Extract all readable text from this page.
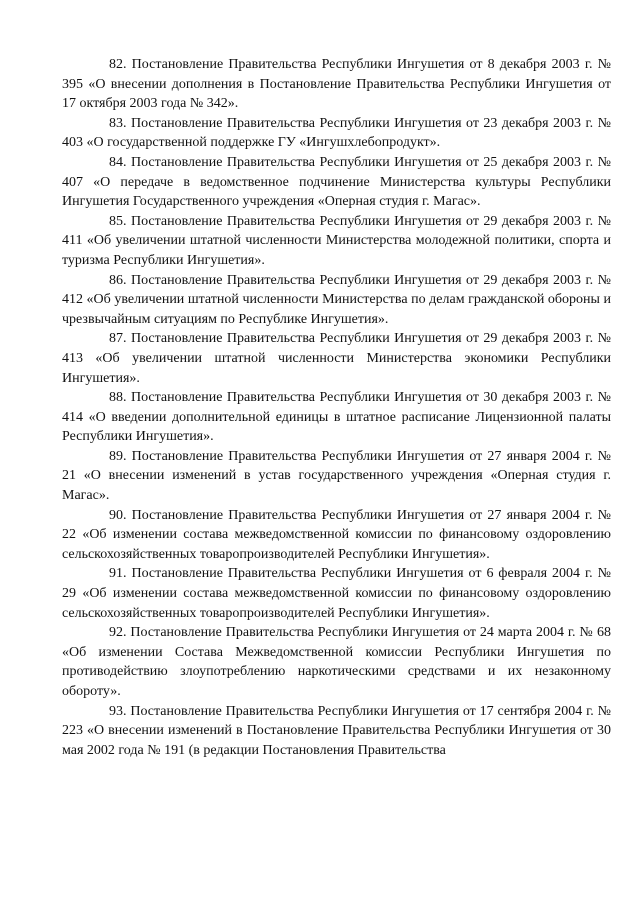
82. Постановление Правительства Республики Ингушетия от 8 декабря 2003 г. № 395 «О внесении дополнения в Постановление Правительства Республики Ингушетия от 17 октября 2003 года № 342».

83. Постановление Правительства Республики Ингушетия от 23 декабря 2003 г. № 403 «О государственной поддержке ГУ «Ингушхлебопродукт».

84. Постановление Правительства Республики Ингушетия от 25 декабря 2003 г. № 407 «О передаче в ведомственное подчинение Министерства культуры Республики Ингушетия Государственного учреждения «Оперная студия г. Магас».

85. Постановление Правительства Республики Ингушетия от 29 декабря 2003 г. № 411 «Об увеличении штатной численности Министерства молодежной политики, спорта и туризма Республики Ингушетия».

86. Постановление Правительства Республики Ингушетия от 29 декабря 2003 г. № 412 «Об увеличении штатной численности Министерства по делам гражданской обороны и чрезвычайным ситуациям по Республике Ингушетия».

87. Постановление Правительства Республики Ингушетия от 29 декабря 2003 г. № 413 «Об увеличении штатной численности Министерства экономики Республики Ингушетия».

88. Постановление Правительства Республики Ингушетия от 30 декабря 2003 г. № 414 «О введении дополнительной единицы в штатное расписание Лицензионной палаты Республики Ингушетия».

89. Постановление Правительства Республики Ингушетия от 27 января 2004 г. № 21 «О внесении изменений в устав государственного учреждения «Оперная студия г. Магас».

90. Постановление Правительства Республики Ингушетия от 27 января 2004 г. № 22 «Об изменении состава межведомственной комиссии по финансовому оздоровлению сельскохозяйственных товаропроизводителей Республики Ингушетия».

91. Постановление Правительства Республики Ингушетия от 6 февраля 2004 г. № 29 «Об изменении состава межведомственной комиссии по финансовому оздоровлению сельскохозяйственных товаропроизводителей Республики Ингушетия».

92. Постановление Правительства Республики Ингушетия от 24 марта 2004 г. № 68 «Об изменении Состава Межведомственной комиссии Республики Ингушетия по противодействию злоупотреблению наркотическими средствами и их незаконному обороту».

93. Постановление Правительства Республики Ингушетия от 17 сентября 2004 г. № 223 «О внесении изменений в Постановление Правительства Республики Ингушетия от 30 мая 2002 года № 191 (в редакции Постановления Правительства
